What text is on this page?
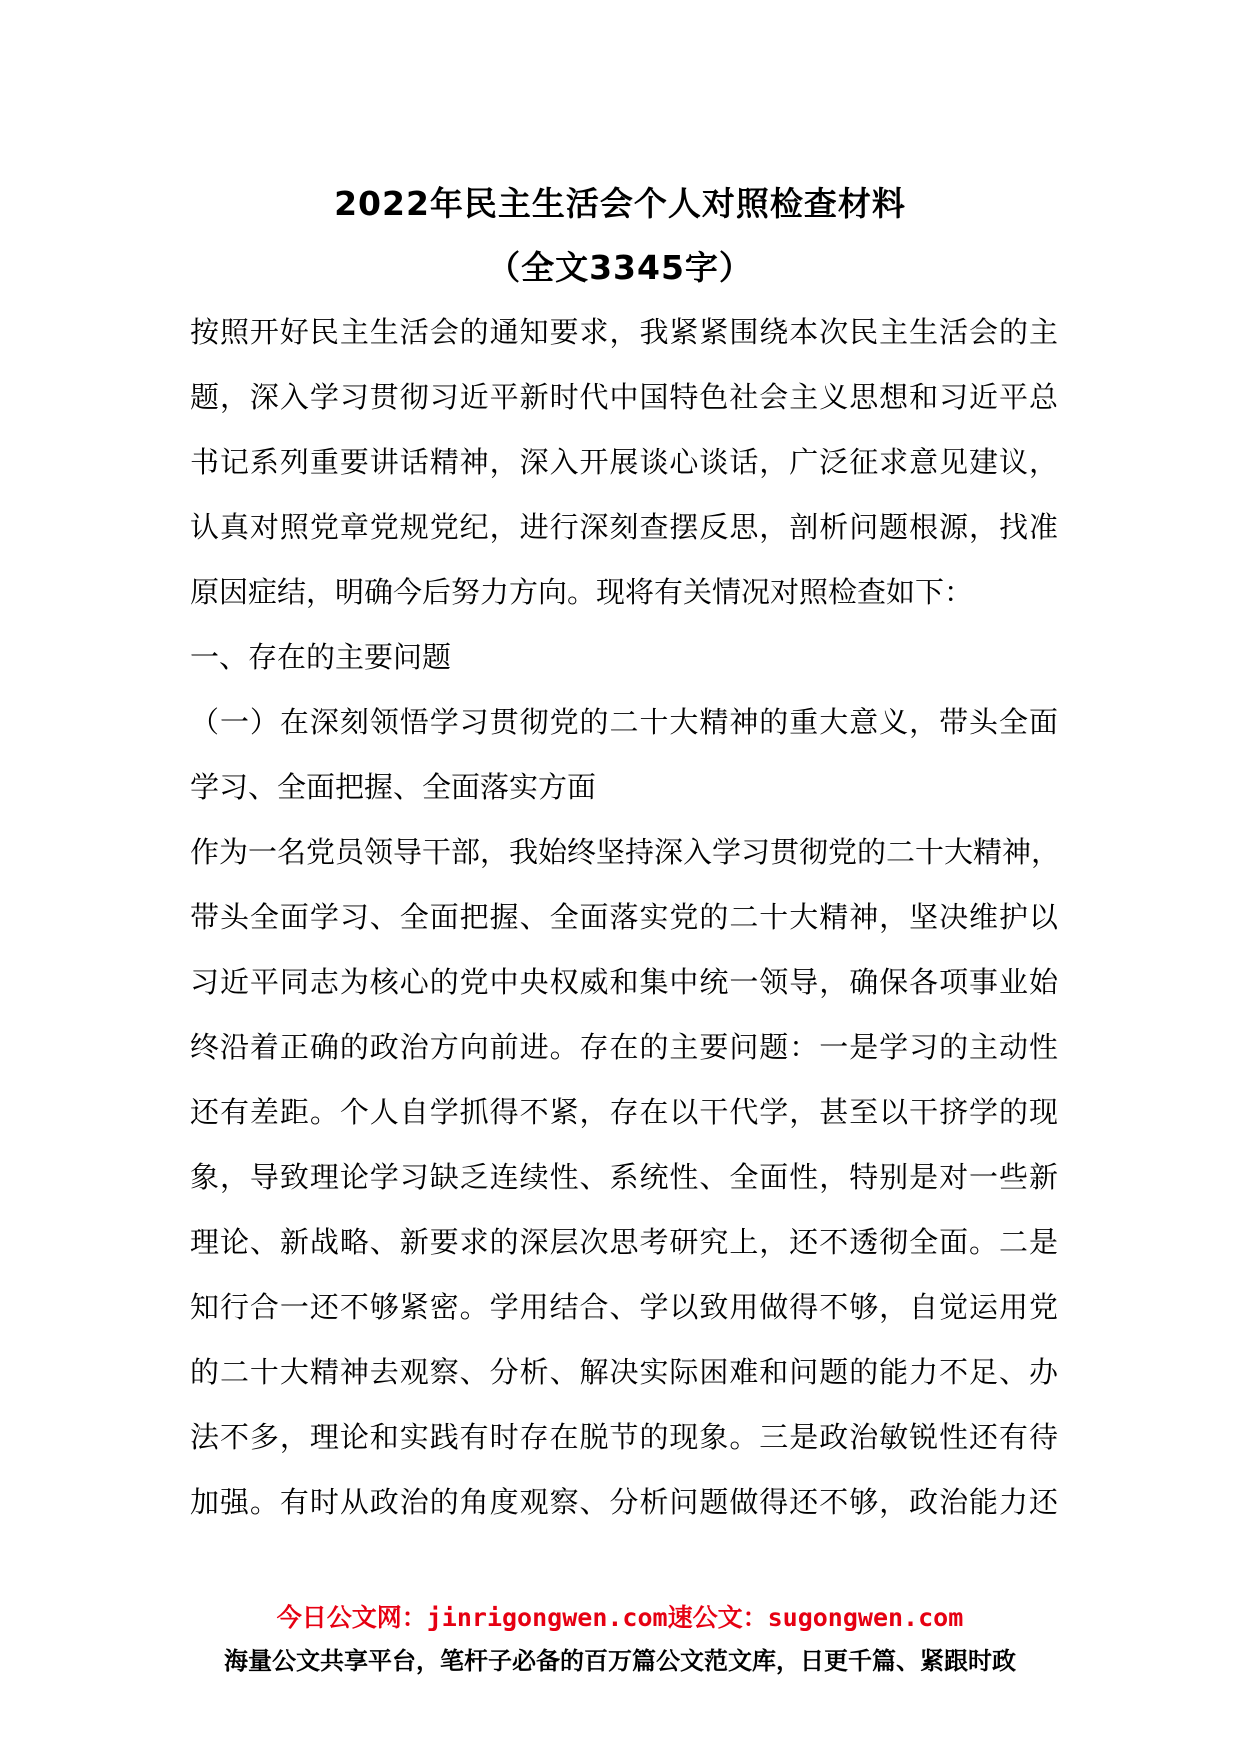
2022年民主生活会个人对照检查材料
（全文3345字）
按照开好民主生活会的通知要求，我紧紧围绕本次民主生活会的主
题，深入学习贯彻习近平新时代中国特色社会主义思想和习近平总
书记系列重要讲话精神，深入开展谈心谈话，广泛征求意见建议，
认真对照党章党规党纪，进行深刻查摆反思，剖析问题根源，找准
原因症结，明确今后努力方向。现将有关情况对照检查如下：
一、存在的主要问题
（一）在深刻领悟学习贯彻党的二十大精神的重大意义，带头全面
学习、全面把握、全面落实方面
作为一名党员领导干部，我始终坚持深入学习贯彻党的二十大精神，
带头全面学习、全面把握、全面落实党的二十大精神，坚决维护以
习近平同志为核心的党中央权威和集中统一领导，确保各项事业始
终沿着正确的政治方向前进。存在的主要问题：一是学习的主动性
还有差距。个人自学抓得不紧，存在以干代学，甚至以干挤学的现
象，导致理论学习缺乏连续性、系统性、全面性，特别是对一些新
理论、新战略、新要求的深层次思考研究上，还不透彻全面。二是
知行合一还不够紧密。学用结合、学以致用做得不够，自觉运用党
的二十大精神去观察、分析、解决实际困难和问题的能力不足、办
法不多，理论和实践有时存在脱节的现象。三是政治敏锐性还有待
加强。有时从政治的角度观察、分析问题做得还不够，政治能力还
今日公文网：jinrigongwen.com速公文：sugongwen.com
海量公文共享平台，笔杆子必备的百万篇公文范文库，日更千篇、紧跟时政
